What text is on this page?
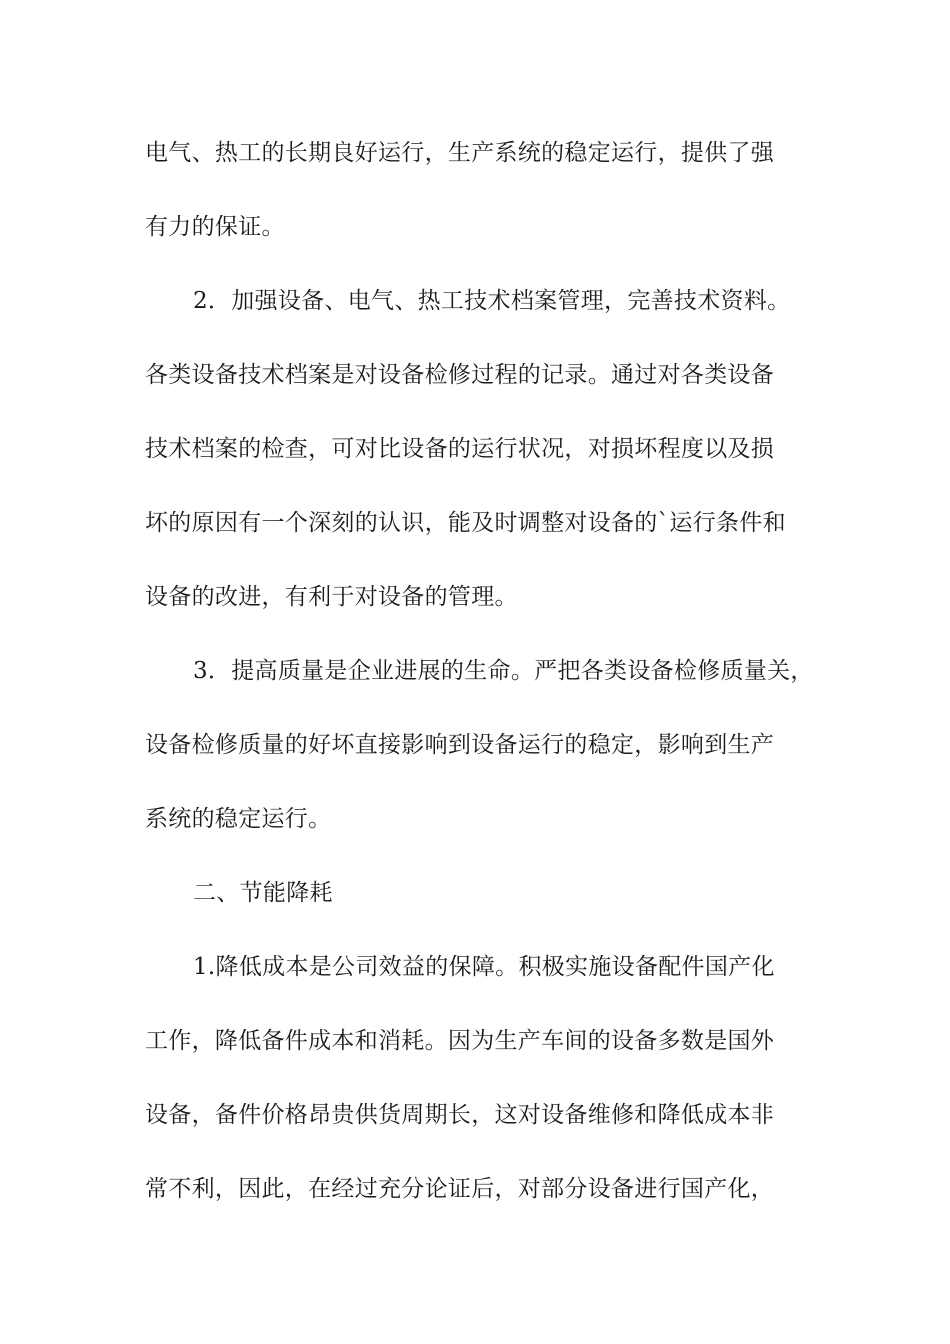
电气、热工的长期良好运行，生产系统的稳定运行，提供了强
有力的保证。
2．加强设备、电气、热工技术档案管理，完善技术资料。
各类设备技术档案是对设备检修过程的记录。通过对各类设备
技术档案的检查，可对比设备的运行状况，对损坏程度以及损
坏的原因有一个深刻的认识，能及时调整对设备的`运行条件和
设备的改进，有利于对设备的管理。
3．提高质量是企业进展的生命。严把各类设备检修质量关，
设备检修质量的好坏直接影响到设备运行的稳定，影响到生产
系统的稳定运行。
二、节能降耗
1.降低成本是公司效益的保障。积极实施设备配件国产化
工作，降低备件成本和消耗。因为生产车间的设备多数是国外
设备，备件价格昂贵供货周期长，这对设备维修和降低成本非
常不利，因此，在经过充分论证后，对部分设备进行国产化，
